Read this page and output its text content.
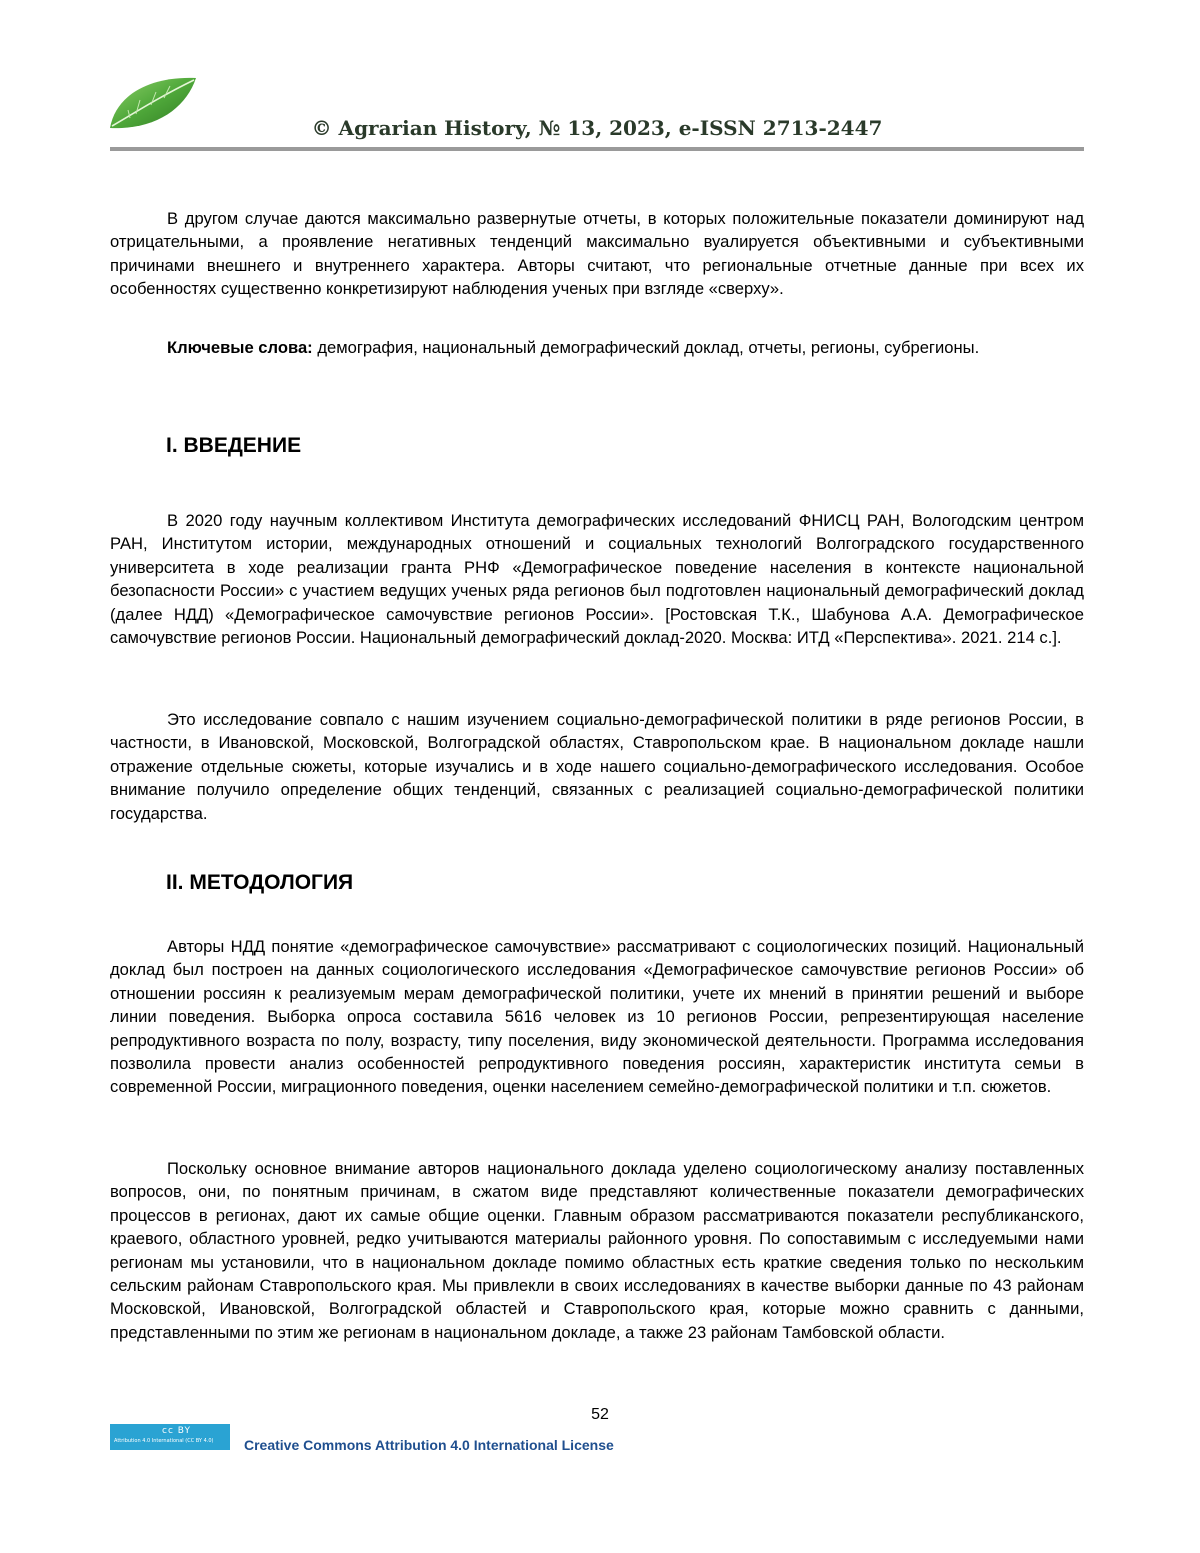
© Agrarian History, № 13, 2023, e-ISSN 2713-2447

В другом случае даются максимально развернутые отчеты, в которых положительные показатели доминируют над отрицательными, а проявление негативных тенденций максимально вуалируется объективными и субъективными причинами внешнего и внутреннего характера. Авторы считают, что региональные отчетные данные при всех их особенностях существенно конкретизируют наблюдения ученых при взгляде «сверху».

Ключевые слова: демография, национальный демографический доклад, отчеты, регионы, субрегионы.

I. ВВЕДЕНИЕ

В 2020 году научным коллективом Института демографических исследований ФНИСЦ РАН, Вологодским центром РАН, Институтом истории, международных отношений и социальных технологий Волгоградского государственного университета в ходе реализации гранта РНФ «Демографическое поведение населения в контексте национальной безопасности России» с участием ведущих ученых ряда регионов был подготовлен национальный демографический доклад (далее НДД) «Демографическое самочувствие регионов России». [Ростовская Т.К., Шабунова А.А. Демографическое самочувствие регионов России. Национальный демографический доклад-2020. Москва: ИТД «Перспектива». 2021. 214 с.].

Это исследование совпало с нашим изучением социально-демографической политики в ряде регионов России, в частности, в Ивановской, Московской, Волгоградской областях, Ставропольском крае. В национальном докладе нашли отражение отдельные сюжеты, которые изучались и в ходе нашего социально-демографического исследования. Особое внимание получило определение общих тенденций, связанных с реализацией социально-демографической политики государства.

II. МЕТОДОЛОГИЯ

Авторы НДД понятие «демографическое самочувствие» рассматривают с социологических позиций. Национальный доклад был построен на данных социологического исследования «Демографическое самочувствие регионов России» об отношении россиян к реализуемым мерам демографической политики, учете их мнений в принятии решений и выборе линии поведения. Выборка опроса составила 5616 человек из 10 регионов России, репрезентирующая население репродуктивного возраста по полу, возрасту, типу поселения, виду экономической деятельности. Программа исследования позволила провести анализ особенностей репродуктивного поведения россиян, характеристик института семьи в современной России, миграционного поведения, оценки населением семейно-демографической политики и т.п. сюжетов.

Поскольку основное внимание авторов национального доклада уделено социологическому анализу поставленных вопросов, они, по понятным причинам, в сжатом виде представляют количественные показатели демографических процессов в регионах, дают их самые общие оценки. Главным образом рассматриваются показатели республиканского, краевого, областного уровней, редко учитываются материалы районного уровня. По сопоставимым с исследуемыми нами регионам мы установили, что в национальном докладе помимо областных есть краткие сведения только по нескольким сельским районам Ставропольского края. Мы привлекли в своих исследованиях в качестве выборки данные по 43 районам Московской, Ивановской, Волгоградской областей и Ставропольского края, которые можно сравнить с данными, представленными по этим же регионам в национальном докладе, а также 23 районам Тамбовской области.

52
cc BY
Attribution 4.0 International (CC BY 4.0) Creative Commons Attribution 4.0 International License
